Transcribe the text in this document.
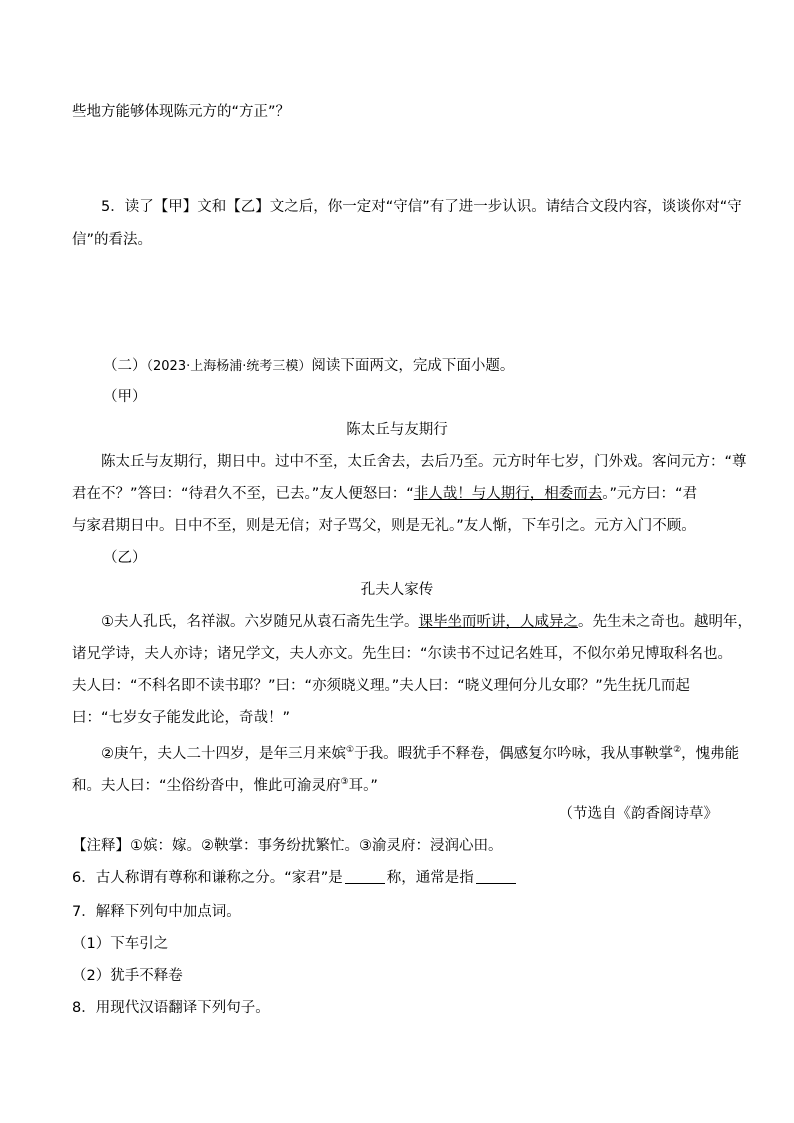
些地方能够体现陈元方的“方正”？
5．读了【甲】文和【乙】文之后，你一定对“守信”有了进一步认识。请结合文段内容，谈谈你对“守
信”的看法。
（二）（2023·上海杨浦·统考三模）阅读下面两文，完成下面小题。
（甲）
陈太丘与友期行
陈太丘与友期行，期日中。过中不至，太丘舍去，去后乃至。元方时年七岁，门外戏。客问元方：“尊
君在不？”答曰：“待君久不至，已去。”友人便怒曰：“非人哉！与人期行，相委而去。”元方曰：“君
与家君期日中。日中不至，则是无信；对子骂父，则是无礼。”友人惭，下车引之。元方入门不顾。
（乙）
孔夫人家传
①夫人孔氏，名祥淑。六岁随兄从袁石斋先生学。课毕坐而听讲，人咸异之。先生未之奇也。越明年，
诸兄学诗，夫人亦诗；诸兄学文，夫人亦文。先生曰：“尔读书不过记名姓耳，不似尔弟兄博取科名也。
夫人曰：“不科名即不读书耶？”曰：“亦须晓义理。”夫人曰：“晓义理何分儿女耶？”先生抚几而起
曰：“七岁女子能发此论，奇哉！”
②庚午，夫人二十四岁，是年三月来嫔①于我。暇犹手不释卷，偶感复尔吟咏，我从事鞅掌②，愧弗能
和。夫人曰：“尘俗纷沓中，惟此可渝灵府③耳。”
（节选自《韵香阁诗草》
【注释】①嫔：嫁。②鞅掌：事务纷扰繁忙。③渝灵府：浸润心田。
6．古人称谓有尊称和谦称之分。“家君”是	称，通常是指
7．解释下列句中加点词。
（1）下车引之
（2）犹手不释卷
8．用现代汉语翻译下列句子。
